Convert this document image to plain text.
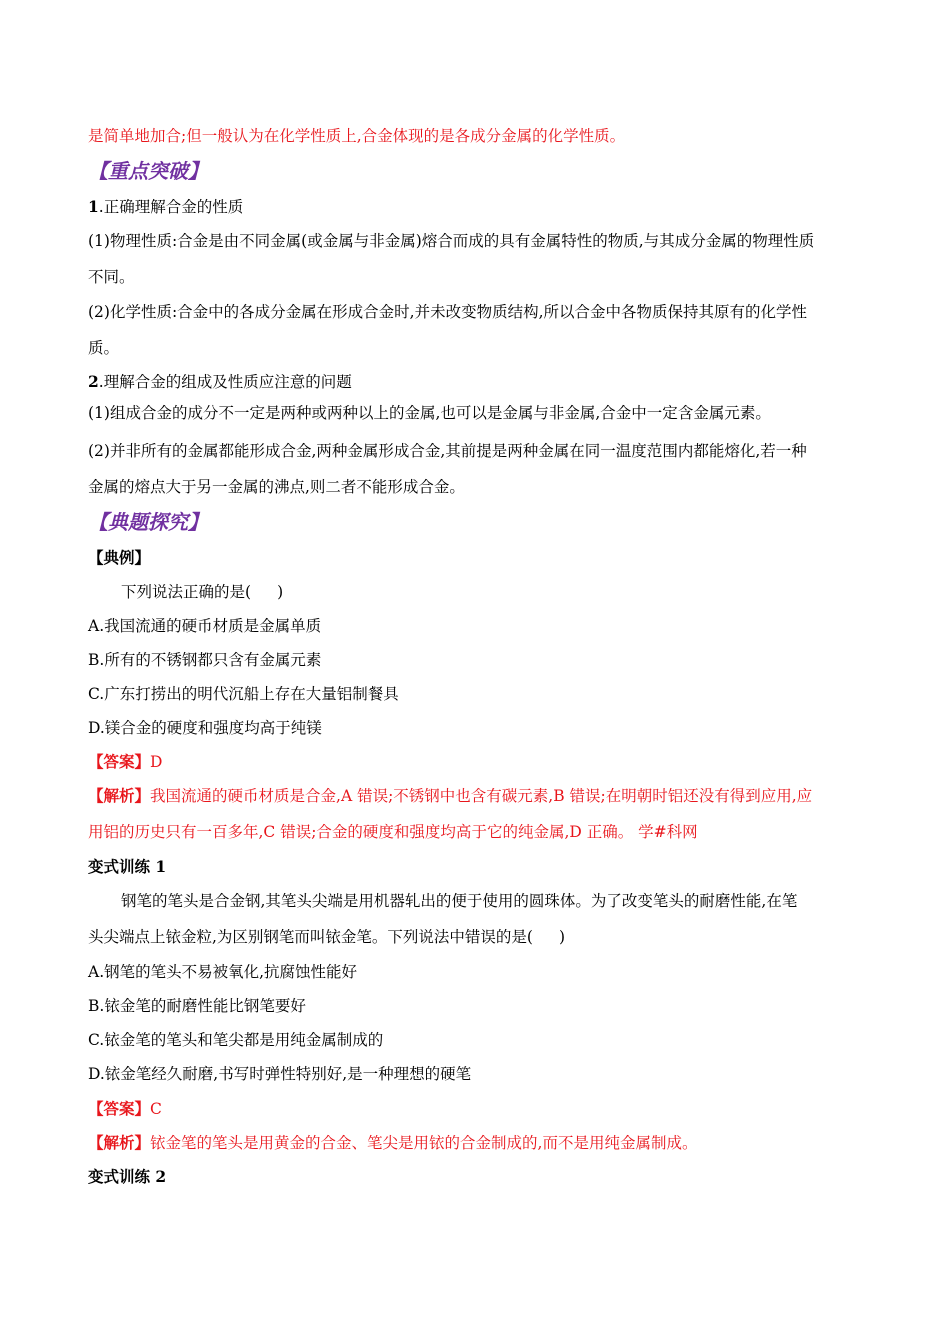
是简单地加合;但一般认为在化学性质上,合金体现的是各成分金属的化学性质。
【重点突破】
1.正确理解合金的性质
(1)物理性质:合金是由不同金属(或金属与非金属)熔合而成的具有金属特性的物质,与其成分金属的物理性质
不同。
(2)化学性质:合金中的各成分金属在形成合金时,并未改变物质结构,所以合金中各物质保持其原有的化学性
质。
2.理解合金的组成及性质应注意的问题
(1)组成合金的成分不一定是两种或两种以上的金属,也可以是金属与非金属,合金中一定含金属元素。
(2)并非所有的金属都能形成合金,两种金属形成合金,其前提是两种金属在同一温度范围内都能熔化,若一种
金属的熔点大于另一金属的沸点,则二者不能形成合金。
【典题探究】
【典例】
下列说法正确的是( )
A.我国流通的硬币材质是金属单质
B.所有的不锈钢都只含有金属元素
C.广东打捞出的明代沉船上存在大量铝制餐具
D.镁合金的硬度和强度均高于纯镁
【答案】D
【解析】我国流通的硬币材质是合金,A 错误;不锈钢中也含有碳元素,B 错误;在明朝时铝还没有得到应用,应
用铝的历史只有一百多年,C 错误;合金的硬度和强度均高于它的纯金属,D 正确。 学#科网
变式训练 1
钢笔的笔头是合金钢,其笔头尖端是用机器轧出的便于使用的圆珠体。为了改变笔头的耐磨性能,在笔
头尖端点上铱金粒,为区别钢笔而叫铱金笔。下列说法中错误的是( )
A.钢笔的笔头不易被氧化,抗腐蚀性能好
B.铱金笔的耐磨性能比钢笔要好
C.铱金笔的笔头和笔尖都是用纯金属制成的
D.铱金笔经久耐磨,书写时弹性特别好,是一种理想的硬笔
【答案】C
【解析】铱金笔的笔头是用黄金的合金、笔尖是用铱的合金制成的,而不是用纯金属制成。
变式训练 2
